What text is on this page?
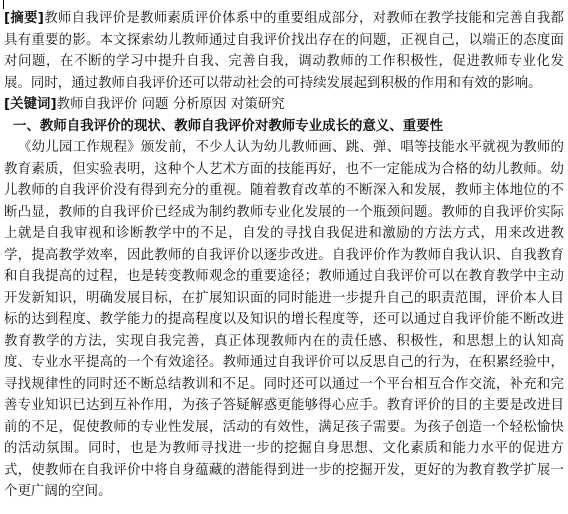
[摘要]教师自我评价是教师素质评价体系中的重要组成部分，对教师在教学技能和完善自我都具有重要的影。本文探索幼儿教师通过自我评价找出存在的问题，正视自己，以端正的态度面对问题，在不断的学习中提升自我、完善自我，调动教师的工作积极性，促进教师专业化发展。同时，通过教师自我评价还可以带动社会的可持续发展起到积极的作用和有效的影响。

[关键词]教师自我评价 问题 分析原因 对策研究

一、教师自我评价的现状、教师自我评价对教师专业成长的意义、重要性

《幼儿园工作规程》颁发前，不少人认为幼儿教师画、跳、弹、唱等技能水平就视为教师的教育素质，但实验表明，这种个人艺术方面的技能再好，也不一定能成为合格的幼儿教师。幼儿教师的自我评价没有得到充分的重视。随着教育改革的不断深入和发展，教师主体地位的不断凸显，教师的自我评价已经成为制约教师专业化发展的一个瓶颈问题。教师的自我评价实际上就是自我审视和诊断教学中的不足，自发的寻找自我促进和激励的方法方式，用来改进教学，提高教学效率，因此教师的自我评价以逐步改进。自我评价作为教师自我认识、自我教育和自我提高的过程，也是转变教师观念的重要途径；教师通过自我评价可以在教育教学中主动开发新知识，明确发展目标，在扩展知识面的同时能进一步提升自己的职责范围，评价本人目标的达到程度、教学能力的提高程度以及知识的增长程度等，还可以通过自我评价能不断改进教育教学的方法，实现自我完善，真正体现教师内在的责任感、积极性，和思想上的认知高度、专业水平提高的一个有效途径。教师通过自我评价可以反思自己的行为，在积累经验中，寻找规律性的同时还不断总结教训和不足。同时还可以通过一个平台相互合作交流，补充和完善专业知识已达到互补作用，为孩子答疑解惑更能够得心应手。教育评价的目的主要是改进目前的不足，促使教师的专业性发展，活动的有效性，满足孩子需要。为孩子创造一个轻松愉快的活动氛围。同时，也是为教师寻找进一步的挖掘自身思想、文化素质和能力水平的促进方式，使教师在自我评价中将自身蕴藏的潜能得到进一步的挖掘开发，更好的为教育教学扩展一个更广阔的空间。
